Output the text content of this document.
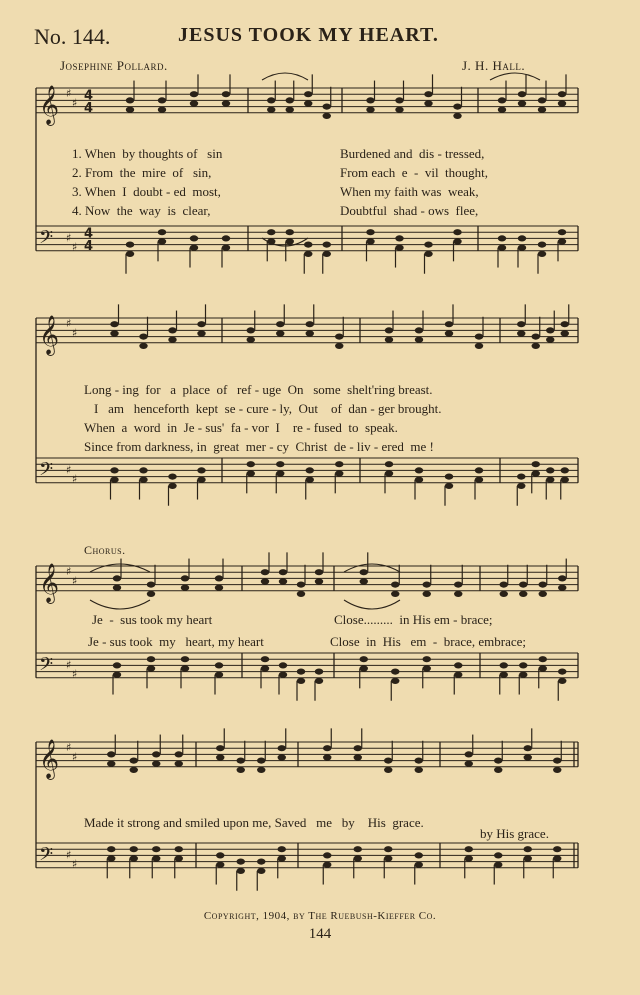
No. 144.	JESUS TOOK MY HEART.
Josephine Pollard.	J. H. Hall.
𝄞 ♯
♯ 4
4
𝄢 ♯
♯
4
4
𝄞 ♯
♯
𝄢 ♯
♯
𝄞 ♯
♯
𝄢 ♯
♯
𝄞 ♯
♯
𝄢 ♯
♯
1. When  by thoughts of   sin
2. From  the  mire  of   sin,
3. When  I  doubt - ed  most,
4. Now  the  way  is  clear,
Burdened and  dis - tressed,
From each  e  -  vil  thought,
When my faith was  weak,
Doubtful  shad - ows  flee,
Long - ing  for   a  place  of   ref - uge  On   some  shelt'ring breast.
I   am   henceforth  kept  se - cure - ly,  Out    of  dan - ger brought.
When  a  word  in  Je - sus'  fa - vor  I    re - fused  to  speak.
Since from darkness, in  great  mer - cy  Christ  de - liv - ered  me !
Chorus.
Je  -  sus took my heart	Close.........  in His em - brace;
Je - sus took  my   heart, my heart	Close  in  His   em  -  brace, embrace;
Made it strong and smiled upon me, Saved   me   by    His  grace.
by His grace.
Copyright, 1904, by The Ruebush-Kieffer Co.
144
